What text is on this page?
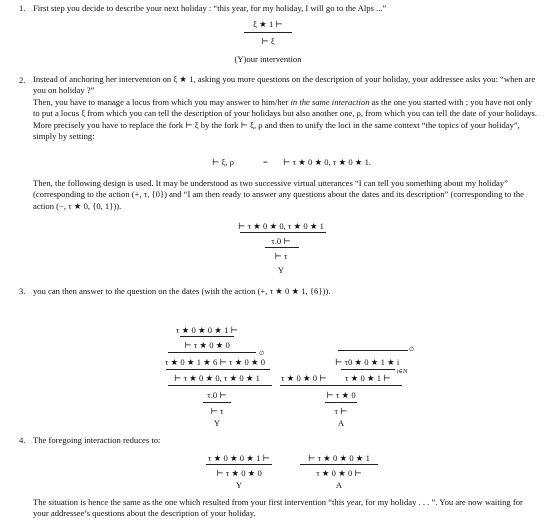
1. First step you decide to describe your next holiday : “this year, for my holiday, I will go to the Alps ...”
ξ ★ 1 ⊢
⊢ ξ
(Y)our intervention
2. Instead of anchoring her intervention on ξ ★ 1, asking you more questions on the description of your holiday, your addressee asks you: “when are you on holiday ?”
Then, you have to manage a locus from which you may answer to him/her in the same interaction as the one you started with ; you have not only to put a locus ξ from which you can tell the description of your holidays but also another one, ρ, from which you can tell the date of your holidays. More precisely you have to replace the fork ⊢ ξ by the fork ⊢ ξ, ρ and then to unify the loci in the same context “the topics of your holiday”, simply by setting:
⊢ ξ, ρ	= ⊢ τ ★ 0 ★ 0, τ ★ 0 ★ 1.
Then, the following design is used. It may be understood as two successive virtual utterances “I can tell you something about my holiday” (corresponding to the action (+, τ, {0}) and “I am then ready to answer any questions about the dates and its description” (corresponding to the action (−, τ ★ 0, {0, 1})).
⊢ τ ★ 0 ★ 0, τ ★ 0 ★ 1
τ.0 ⊢
⊢ τ
Y
3. you can then answer to the question on the dates (with the action (+, τ ★ 0 ★ 1, {6})).
τ ★ 0 ★ 0 ★ 1 ⊢
⊢ τ ★ 0 ★ 0
∅
τ ★ 0 ★ 1 ★ 6 ⊢ τ ★ 0 ★ 0
⊢ τ ★ 0 ★ 0, τ ★ 0 ★ 1
τ.0 ⊢
⊢ τ
Y
∅
⊢ τ0 ★ 0 ★ 1 ★ i
i∈N
τ ★ 0 ★ 0 ⊢ τ ★ 0 ★ 1 ⊢
⊢ τ ★ 0
τ ⊢
A
4. The foregoing interaction reduces to:
τ ★ 0 ★ 0 ★ 1 ⊢
⊢ τ ★ 0 ★ 0
Y
⊢ τ ★ 0 ★ 0 ★ 1
τ ★ 0 ★ 0 ⊢
A
The situation is hence the same as the one which resulted from your first intervention “this year, for my holiday . . . ”. You are now waiting for your addressee’s questions about the description of your holiday.
